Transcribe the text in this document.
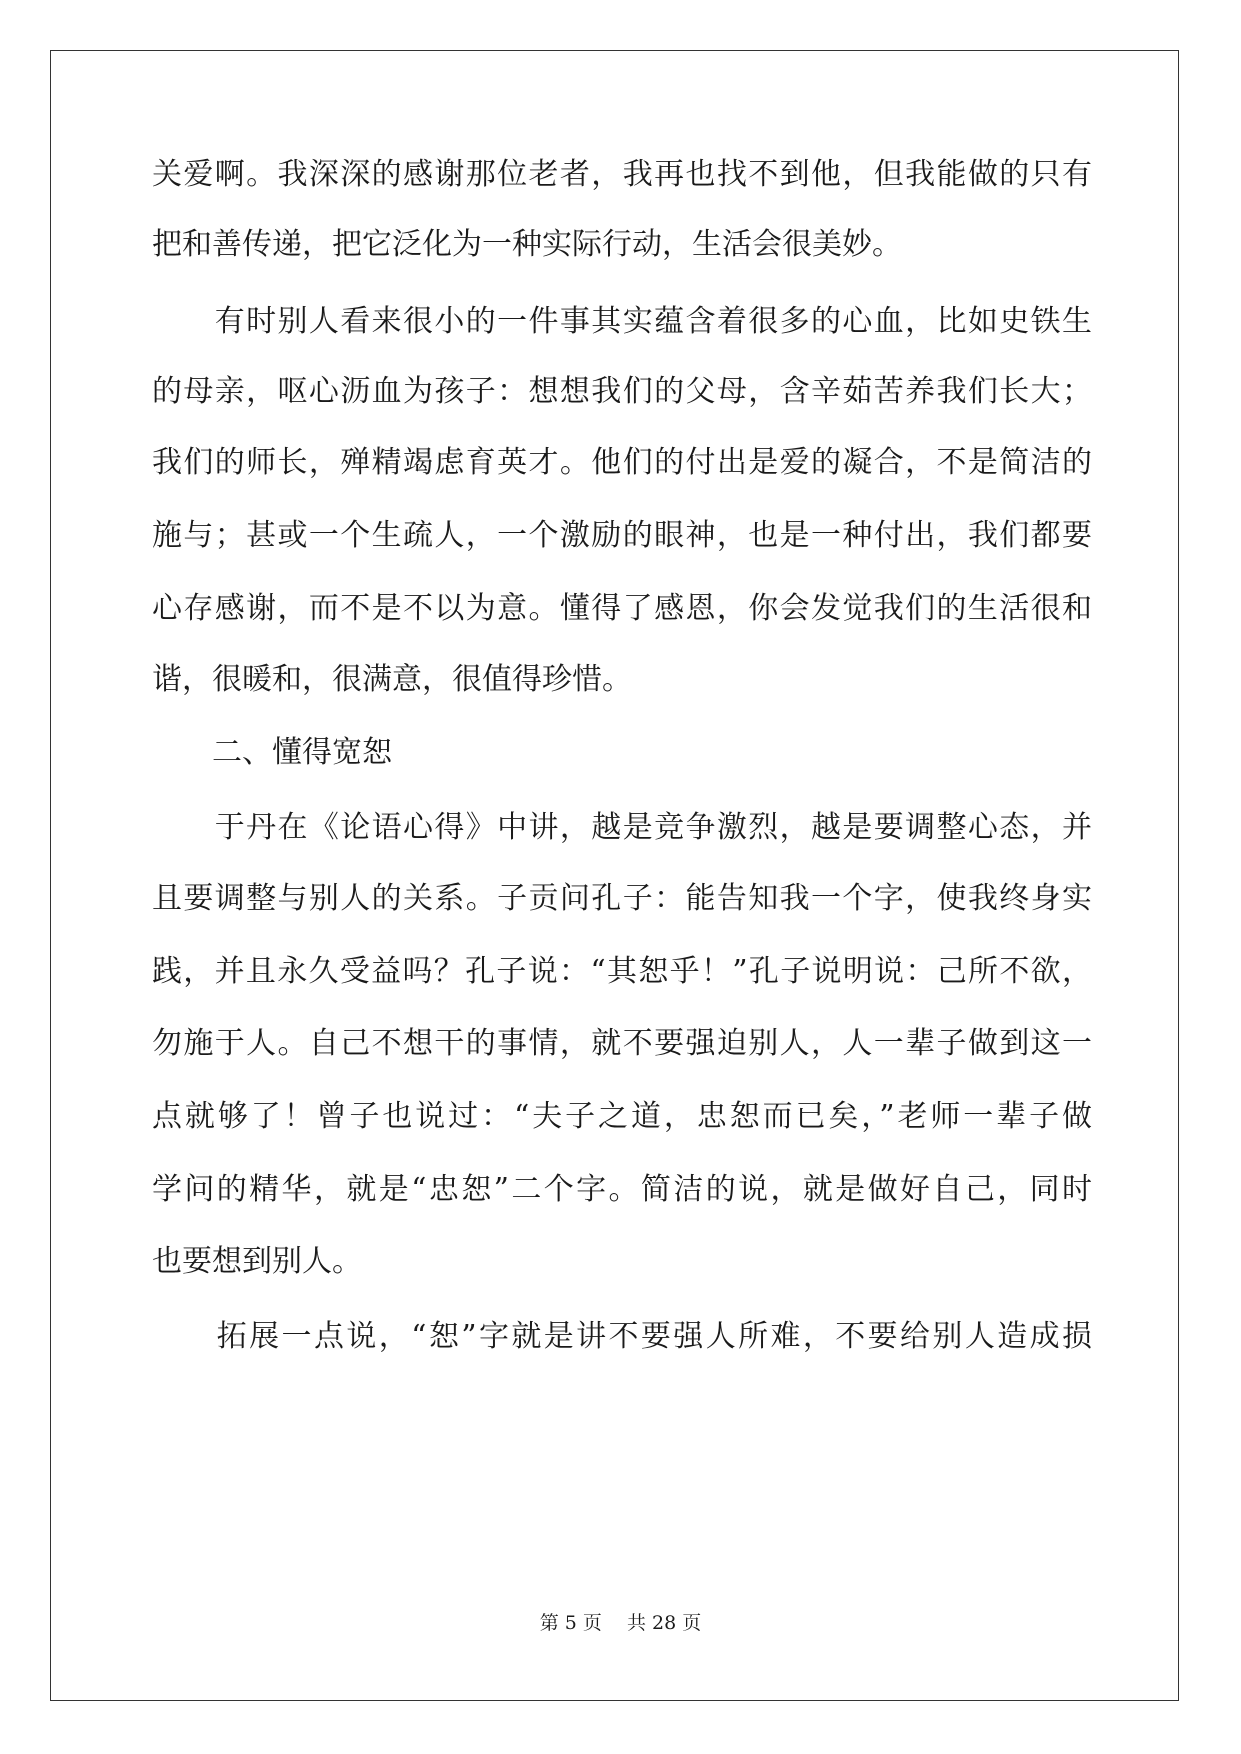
关爱啊。我深深的感谢那位老者，我再也找不到他，但我能做的只有
把和善传递，把它泛化为一种实际行动，生活会很美妙。
　　有时别人看来很小的一件事其实蕴含着很多的心血，比如史铁生
的母亲，呕心沥血为孩子：想想我们的父母，含辛茹苦养我们长大；
我们的师长，殚精竭虑育英才。他们的付出是爱的凝合，不是简洁的
施与；甚或一个生疏人，一个激励的眼神，也是一种付出，我们都要
心存感谢，而不是不以为意。懂得了感恩，你会发觉我们的生活很和
谐，很暖和，很满意，很值得珍惜。
　　二、懂得宽恕
　　于丹在《论语心得》中讲，越是竞争激烈，越是要调整心态，并
且要调整与别人的关系。子贡问孔子：能告知我一个字，使我终身实
践，并且永久受益吗？孔子说：“其恕乎！”孔子说明说：己所不欲，
勿施于人。自己不想干的事情，就不要强迫别人，人一辈子做到这一
点就够了！曾子也说过：“夫子之道，忠恕而已矣，”老师一辈子做
学问的精华，就是“忠恕”二个字。简洁的说，就是做好自己，同时
也要想到别人。
　　拓展一点说，“恕”字就是讲不要强人所难，不要给别人造成损
第 5 页　 共 28 页
